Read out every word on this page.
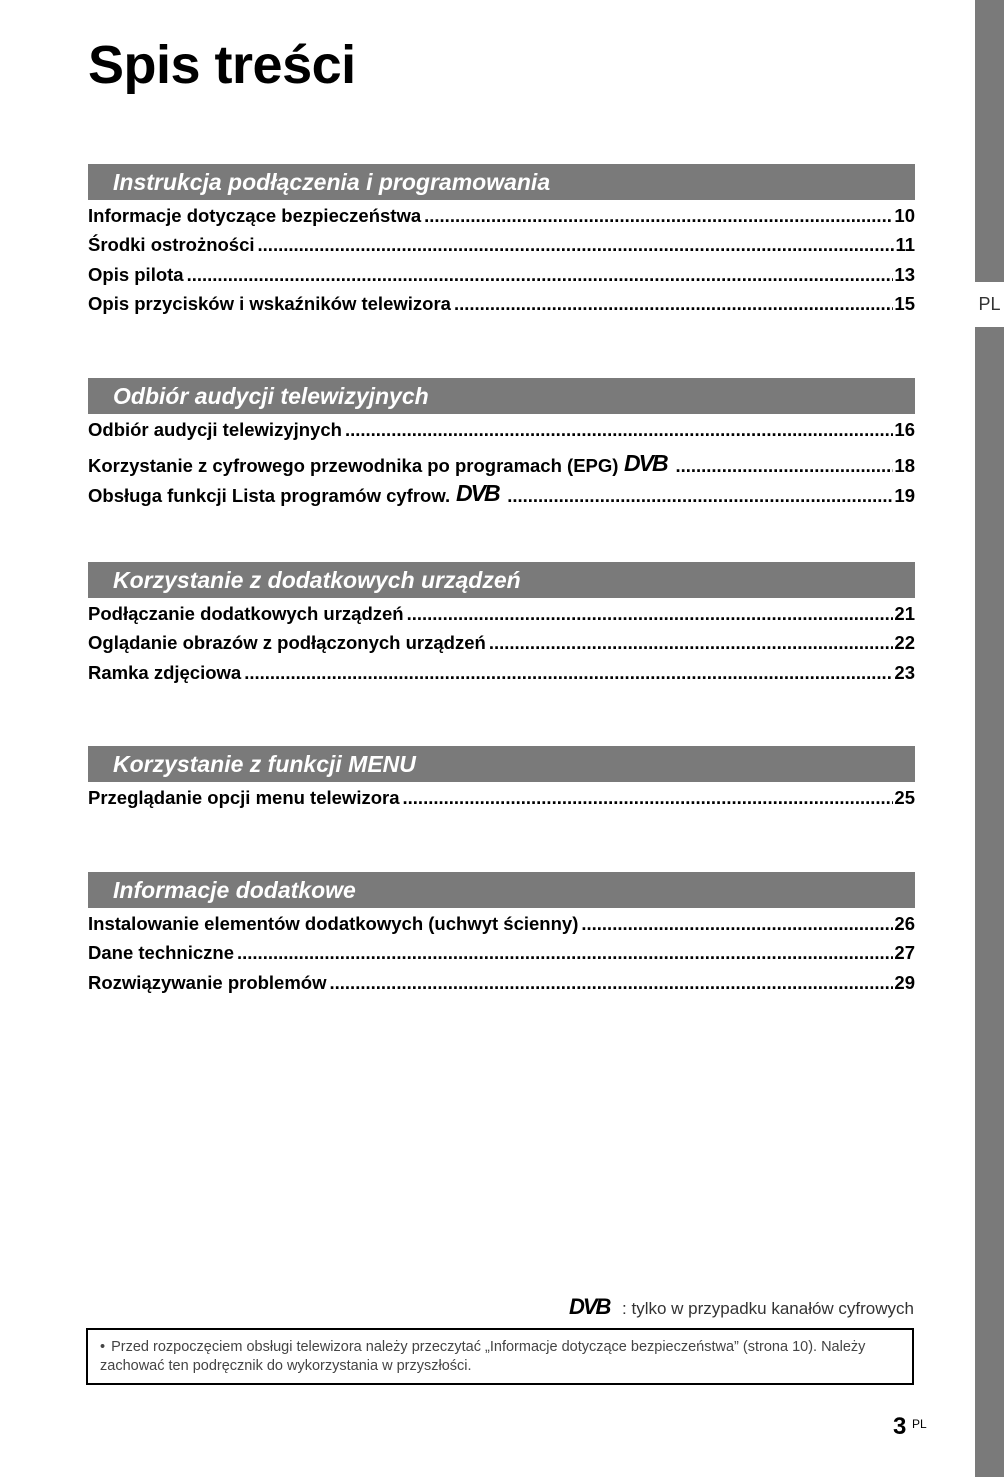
PL
Spis treści
Instrukcja podłączenia i programowania
Informacje dotyczące bezpieczeństwa .....	10
Środki ostrożności .....	11
Opis pilota .....	13
Opis przycisków i wskaźników telewizora .....	15
Odbiór audycji telewizyjnych
Odbiór audycji telewizyjnych .....	16
Korzystanie z cyfrowego przewodnika po programach (EPG) DVB .....	18
Obsługa funkcji Lista programów cyfrow. DVB .....	19
Korzystanie z dodatkowych urządzeń
Podłączanie dodatkowych urządzeń .....	21
Oglądanie obrazów z podłączonych urządzeń .....	22
Ramka zdjęciowa .....	23
Korzystanie z funkcji MENU
Przeglądanie opcji menu telewizora .....	25
Informacje dodatkowe
Instalowanie elementów dodatkowych (uchwyt ścienny) .....	26
Dane techniczne .....	27
Rozwiązywanie problemów .....	29
DVB : tylko w przypadku kanałów cyfrowych
• Przed rozpoczęciem obsługi telewizora należy przeczytać „Informacje dotyczące bezpieczeństwa” (strona 10). Należy zachować ten podręcznik do wykorzystania w przyszłości.
3 PL
